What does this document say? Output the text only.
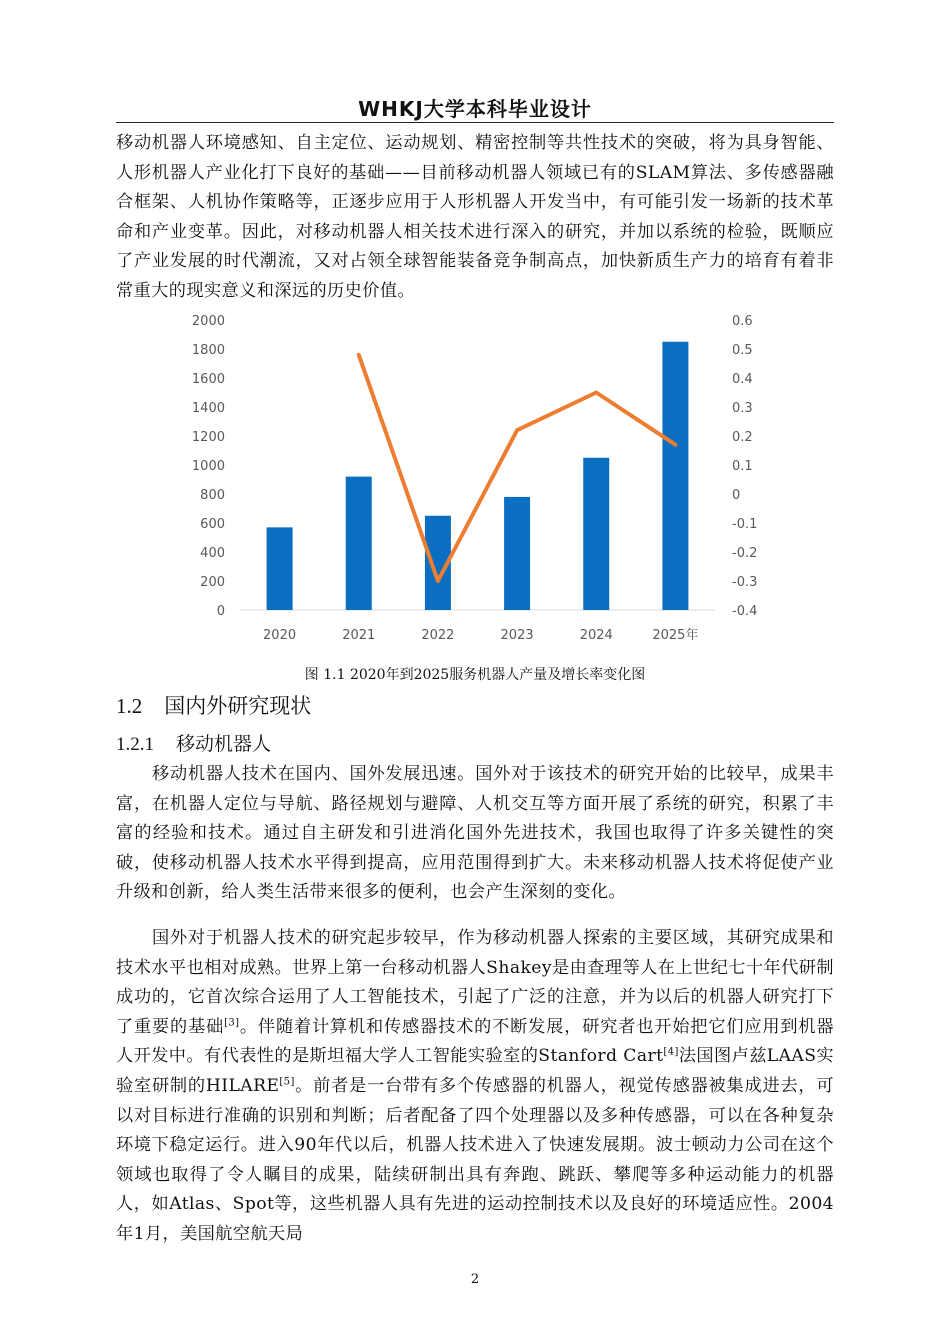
WHKJ大学本科毕业设计
移动机器人环境感知、自主定位、运动规划、精密控制等共性技术的突破，将为具身智能、人形机器人产业化打下良好的基础——目前移动机器人领域已有的SLAM算法、多传感器融合框架、人机协作策略等，正逐步应用于人形机器人开发当中，有可能引发一场新的技术革命和产业变革。因此，对移动机器人相关技术进行深入的研究，并加以系统的检验，既顺应了产业发展的时代潮流，又对占领全球智能装备竞争制高点，加快新质生产力的培育有着非常重大的现实意义和深远的历史价值。
0
200
400
600
800
1000
1200
1400
1600
1800
2000
-0.4
-0.3
-0.2
-0.1
0
0.1
0.2
0.3
0.4
0.5
0.6
2020	2021	2022	2023	2024	2025年
图 1.1 2020年到2025服务机器人产量及增长率变化图
1.2 国内外研究现状
1.2.1 移动机器人
移动机器人技术在国内、国外发展迅速。国外对于该技术的研究开始的比较早，成果丰富，在机器人定位与导航、路径规划与避障、人机交互等方面开展了系统的研究，积累了丰富的经验和技术。通过自主研发和引进消化国外先进技术，我国也取得了许多关键性的突破，使移动机器人技术水平得到提高，应用范围得到扩大。未来移动机器人技术将促使产业升级和创新，给人类生活带来很多的便利，也会产生深刻的变化。
国外对于机器人技术的研究起步较早，作为移动机器人探索的主要区域，其研究成果和技术水平也相对成熟。世界上第一台移动机器人Shakey是由查理等人在上世纪七十年代研制成功的，它首次综合运用了人工智能技术，引起了广泛的注意，并为以后的机器人研究打下了重要的基础[3]。伴随着计算机和传感器技术的不断发展，研究者也开始把它们应用到机器人开发中。有代表性的是斯坦福大学人工智能实验室的Stanford Cart[4]法国图卢兹LAAS实验室研制的HILARE[5]。前者是一台带有多个传感器的机器人，视觉传感器被集成进去，可以对目标进行准确的识别和判断；后者配备了四个处理器以及多种传感器，可以在各种复杂环境下稳定运行。进入90年代以后，机器人技术进入了快速发展期。波士顿动力公司在这个领域也取得了令人瞩目的成果，陆续研制出具有奔跑、跳跃、攀爬等多种运动能力的机器人，如Atlas、Spot等，这些机器人具有先进的运动控制技术以及良好的环境适应性。2004年1月，美国航空航天局
2
